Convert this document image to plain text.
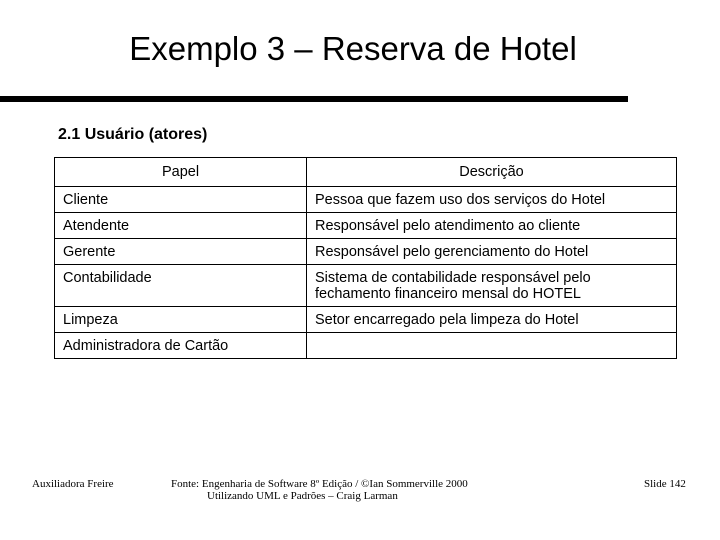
Exemplo 3 – Reserva de Hotel
2.1 Usuário (atores)
Papel	Descrição
Cliente	Pessoa que fazem uso dos serviços do Hotel
Atendente	Responsável pelo atendimento ao cliente
Gerente	Responsável pelo gerenciamento do Hotel
Contabilidade	Sistema de contabilidade responsável pelo fechamento financeiro mensal do HOTEL
Limpeza	Setor encarregado pela limpeza do Hotel
Administradora de Cartão	
Auxiliadora Freire	Fonte: Engenharia de Software 8º Edição / ©Ian Sommerville 2000
Utilizando UML e Padrões – Craig Larman
Slide 142
